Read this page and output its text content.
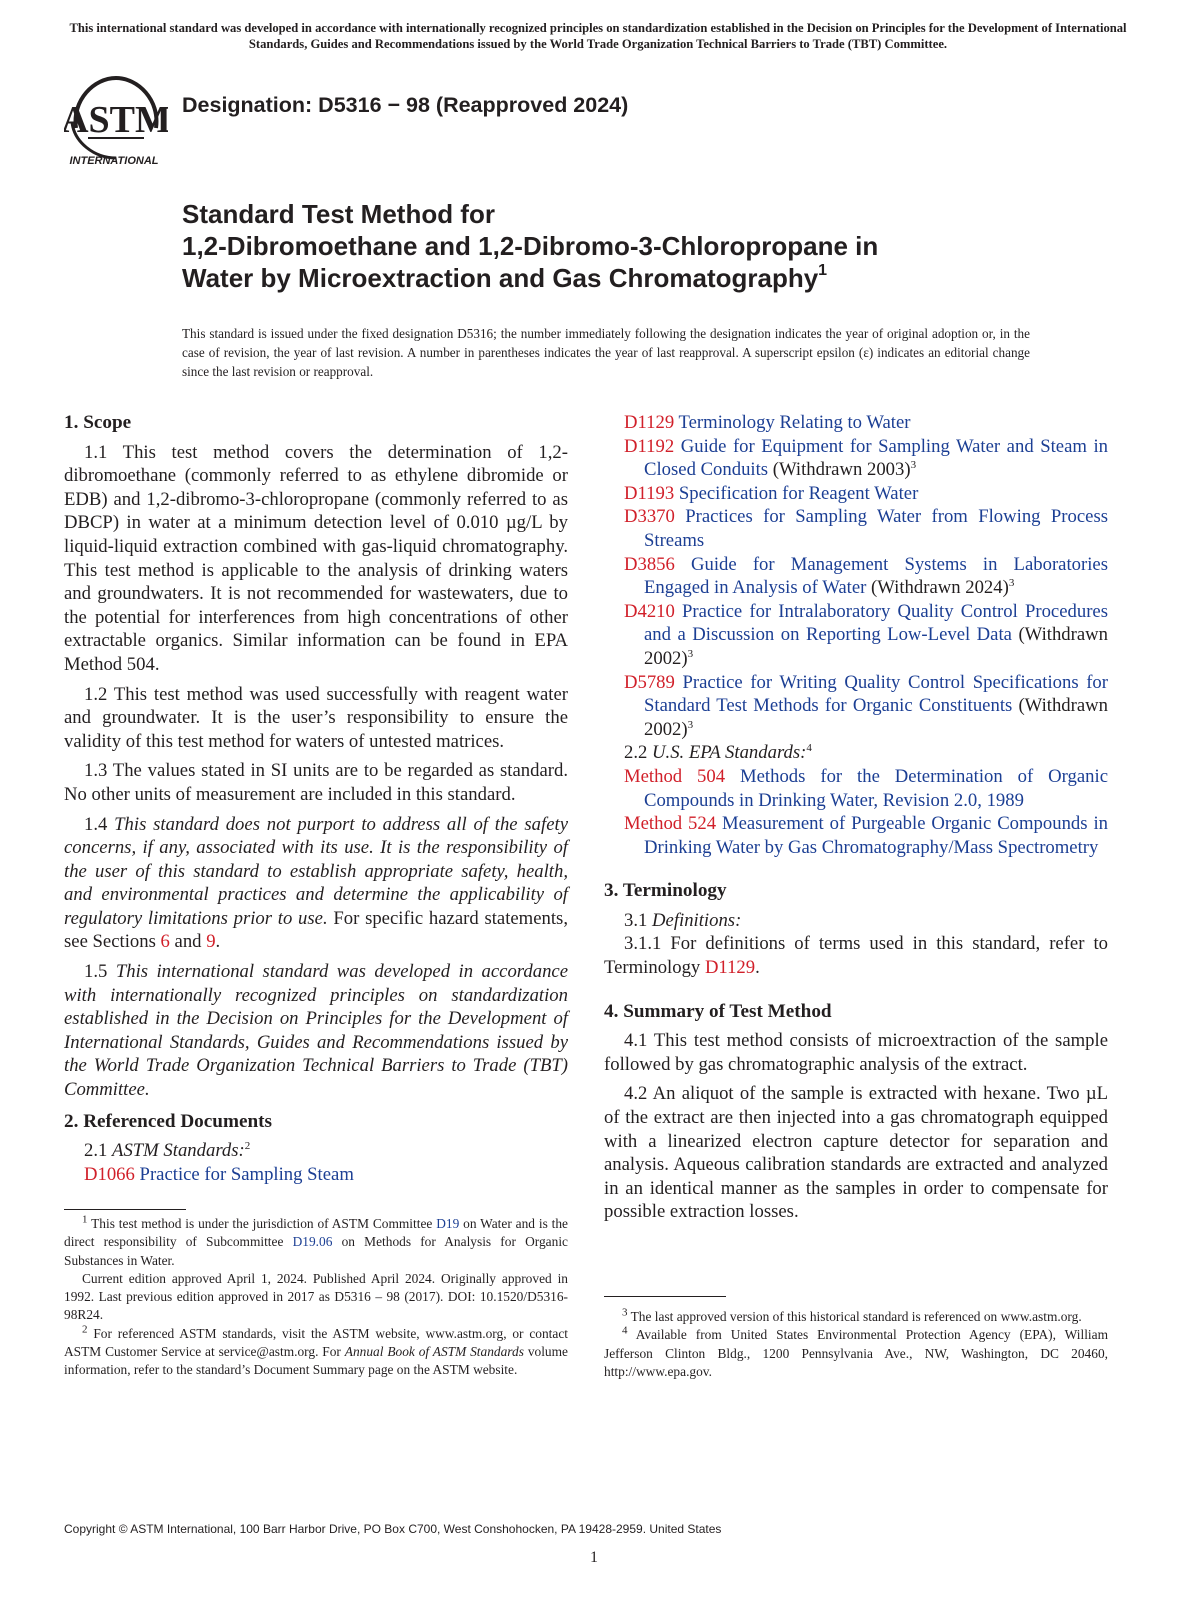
This international standard was developed in accordance with internationally recognized principles on standardization established in the Decision on Principles for the Development of International Standards, Guides and Recommendations issued by the World Trade Organization Technical Barriers to Trade (TBT) Committee.
ASTM
INTERNATIONAL
Designation: D5316 − 98 (Reapproved 2024)
Standard Test Method for
1,2-Dibromoethane and 1,2-Dibromo-3-Chloropropane in
Water by Microextraction and Gas Chromatography$^1$
This standard is issued under the fixed designation D5316; the number immediately following the designation indicates the year of original adoption or, in the case of revision, the year of last revision. A number in parentheses indicates the year of last reapproval. A superscript epsilon (ε) indicates an editorial change since the last revision or reapproval.

1. Scope

1.1 This test method covers the determination of 1,2-dibromoethane (commonly referred to as ethylene dibromide or EDB) and 1,2-dibromo-3-chloropropane (commonly referred to as DBCP) in water at a minimum detection level of 0.010 µg/L by liquid-liquid extraction combined with gas-liquid chromatography. This test method is applicable to the analysis of drinking waters and groundwaters. It is not recommended for wastewaters, due to the potential for interferences from high concentrations of other extractable organics. Similar information can be found in EPA Method 504.

1.2 This test method was used successfully with reagent water and groundwater. It is the user’s responsibility to ensure the validity of this test method for waters of untested matrices.

1.3 The values stated in SI units are to be regarded as standard. No other units of measurement are included in this standard.

1.4 This standard does not purport to address all of the safety concerns, if any, associated with its use. It is the responsibility of the user of this standard to establish appropriate safety, health, and environmental practices and determine the applicability of regulatory limitations prior to use. For specific hazard statements, see Sections 6 and 9.

1.5 This international standard was developed in accordance with internationally recognized principles on standardization established in the Decision on Principles for the Development of International Standards, Guides and Recommendations issued by the World Trade Organization Technical Barriers to Trade (TBT) Committee.

2. Referenced Documents

2.1 ASTM Standards:$^2$

D1066 Practice for Sampling Steam

$^1$ This test method is under the jurisdiction of ASTM Committee D19 on Water and is the direct responsibility of Subcommittee D19.06 on Methods for Analysis for Organic Substances in Water.

Current edition approved April 1, 2024. Published April 2024. Originally approved in 1992. Last previous edition approved in 2017 as D5316 – 98 (2017). DOI: 10.1520/D5316-98R24.

$^2$ For referenced ASTM standards, visit the ASTM website, www.astm.org, or contact ASTM Customer Service at service@astm.org. For Annual Book of ASTM Standards volume information, refer to the standard’s Document Summary page on the ASTM website.

D1129 Terminology Relating to Water

D1192 Guide for Equipment for Sampling Water and Steam in Closed Conduits (Withdrawn 2003)$^3$

D1193 Specification for Reagent Water

D3370 Practices for Sampling Water from Flowing Process Streams

D3856 Guide for Management Systems in Laboratories Engaged in Analysis of Water (Withdrawn 2024)$^3$

D4210 Practice for Intralaboratory Quality Control Procedures and a Discussion on Reporting Low-Level Data (Withdrawn 2002)$^3$

D5789 Practice for Writing Quality Control Specifications for Standard Test Methods for Organic Constituents (Withdrawn 2002)$^3$

2.2 U.S. EPA Standards:$^4$

Method 504 Methods for the Determination of Organic Compounds in Drinking Water, Revision 2.0, 1989

Method 524 Measurement of Purgeable Organic Compounds in Drinking Water by Gas Chromatography/Mass Spectrometry

3. Terminology

3.1 Definitions:

3.1.1 For definitions of terms used in this standard, refer to Terminology D1129.

4. Summary of Test Method

4.1 This test method consists of microextraction of the sample followed by gas chromatographic analysis of the extract.

4.2 An aliquot of the sample is extracted with hexane. Two µL of the extract are then injected into a gas chromatograph equipped with a linearized electron capture detector for separation and analysis. Aqueous calibration standards are extracted and analyzed in an identical manner as the samples in order to compensate for possible extraction losses.

$^3$ The last approved version of this historical standard is referenced on www.astm.org.

$^4$ Available from United States Environmental Protection Agency (EPA), William Jefferson Clinton Bldg., 1200 Pennsylvania Ave., NW, Washington, DC 20460, http://www.epa.gov.

Copyright © ASTM International, 100 Barr Harbor Drive, PO Box C700, West Conshohocken, PA 19428-2959. United States
1
